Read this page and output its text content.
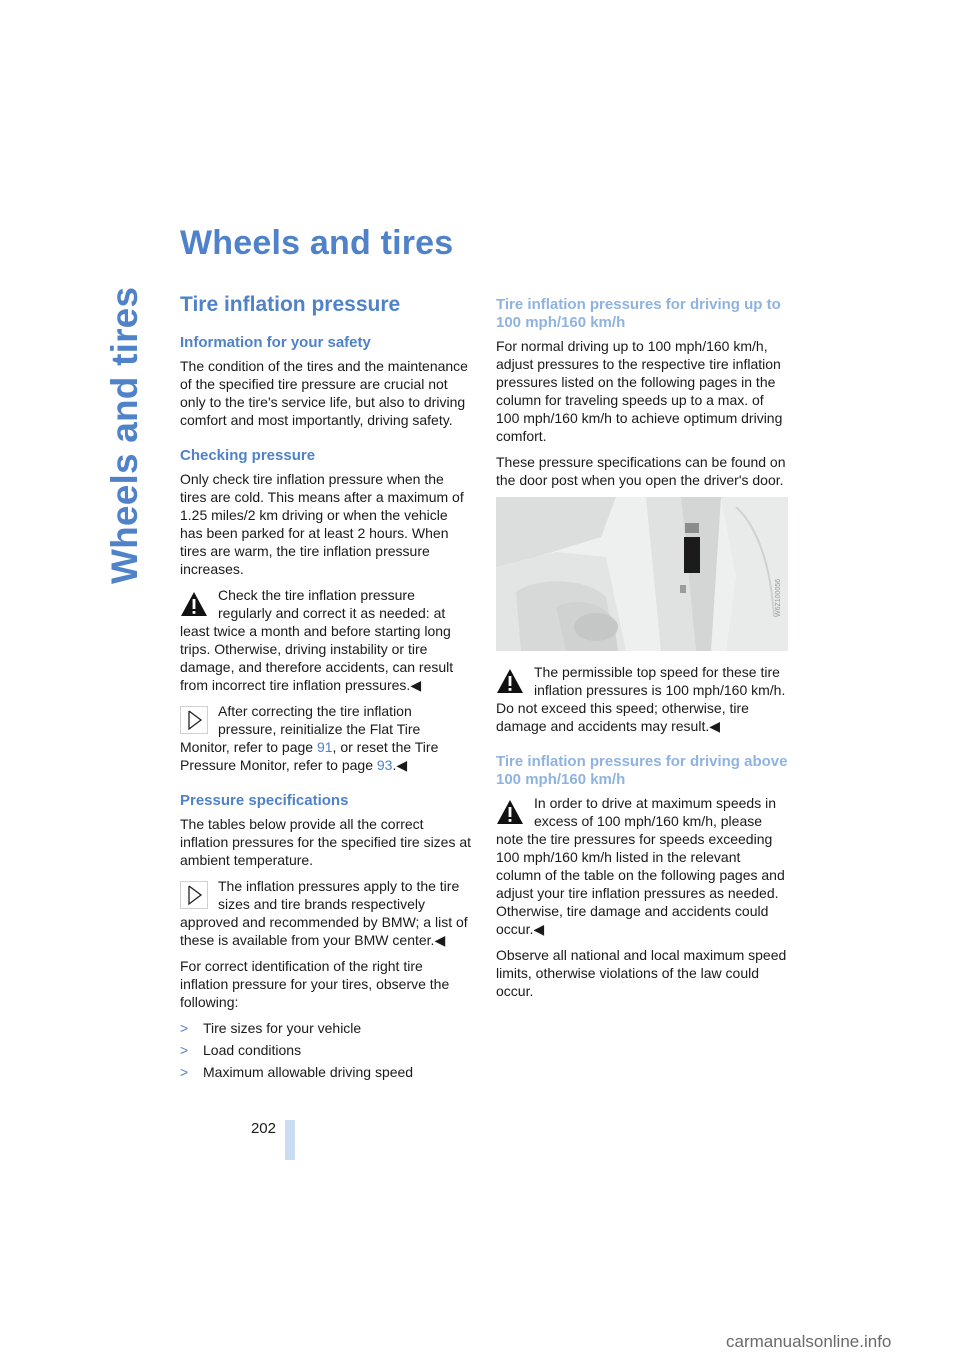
Wheels and tires
Wheels and tires
Tire inflation pressure
Information for your safety

The condition of the tires and the maintenance of the specified tire pressure are crucial not only to the tire's service life, but also to driving comfort and most importantly, driving safety.

Checking pressure

Only check tire inflation pressure when the tires are cold. This means after a maximum of 1.25 miles/2 km driving or when the vehicle has been parked for at least 2 hours. When tires are warm, the tire inflation pressure increases.

Check the tire inflation pressure regularly and correct it as needed: at least twice a month and before starting long trips. Otherwise, driving instability or tire damage, and therefore accidents, can result from incorrect tire inflation pressures.◀
After correcting the tire inflation pressure, reinitialize the Flat Tire Monitor, refer to page 91, or reset the Tire Pressure Monitor, refer to page 93.◀
Pressure specifications

The tables below provide all the correct inflation pressures for the specified tire sizes at ambient temperature.

The inflation pressures apply to the tire sizes and tire brands respectively approved and recommended by BMW; a list of these is available from your BMW center.◀

For correct identification of the right tire inflation pressure for your tires, observe the following:

> Tire sizes for your vehicle
> Load conditions
> Maximum allowable driving speed
Tire inflation pressures for driving up to 100 mph/160 km/h

For normal driving up to 100 mph/160 km/h, adjust pressures to the respective tire inflation pressures listed on the following pages in the column for traveling speeds up to a max. of 100 mph/160 km/h to achieve optimum driving comfort.

These pressure specifications can be found on the door post when you open the driver's door.

W6Z100056
The permissible top speed for these tire inflation pressures is 100 mph/160 km/h. Do not exceed this speed; otherwise, tire damage and accidents may result.◀
Tire inflation pressures for driving above 100 mph/160 km/h
In order to drive at maximum speeds in excess of 100 mph/160 km/h, please note the tire pressures for speeds exceeding 100 mph/160 km/h listed in the relevant column of the table on the following pages and adjust your tire inflation pressures as needed. Otherwise, tire damage and accidents could occur.◀

Observe all national and local maximum speed limits, otherwise violations of the law could occur.

202
carmanualsonline.info
